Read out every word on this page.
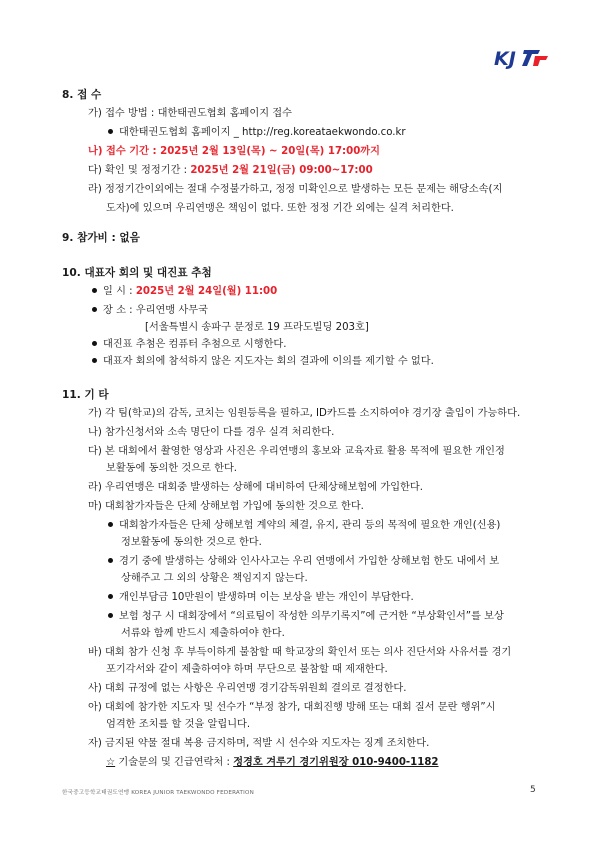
KJ
8. 접 수
가) 접수 방법 : 대한태권도협회 홈페이지 접수
대한태권도협회 홈페이지 _ http://reg.koreataekwondo.co.kr
나) 접수 기간 : 2025년 2월 13일(목) ~ 20일(목) 17:00까지
다) 확인 및 정정기간 : 2025년 2월 21일(금) 09:00~17:00
라) 정정기간이외에는 절대 수정불가하고, 정정 미확인으로 발생하는 모든 문제는 해당소속(지
도자)에 있으며 우리연맹은 책임이 없다. 또한 정정 기간 외에는 실격 처리한다.
9. 참가비 : 없음
10. 대표자 회의 및 대진표 추첨
일 시 : 2025년 2월 24일(월) 11:00
장 소 : 우리연맹 사무국
[서울특별시 송파구 문정로 19 프라도빌딩 203호]
대진표 추첨은 컴퓨터 추첨으로 시행한다.
대표자 회의에 참석하지 않은 지도자는 회의 결과에 이의를 제기할 수 없다.
11. 기 타
가) 각 팀(학교)의 감독, 코치는 임원등록을 필하고, ID카드를 소지하여야 경기장 출입이 가능하다.
나) 참가신청서와 소속 명단이 다를 경우 실격 처리한다.
다) 본 대회에서 촬영한 영상과 사진은 우리연맹의 홍보와 교육자료 활용 목적에 필요한 개인정
보활동에 동의한 것으로 한다.
라) 우리연맹은 대회중 발생하는 상해에 대비하여 단체상해보험에 가입한다.
마) 대회참가자들은 단체 상해보험 가입에 동의한 것으로 한다.
대회참가자들은 단체 상해보험 계약의 체결, 유지, 관리 등의 목적에 필요한 개인(신용)
정보활동에 동의한 것으로 한다.
경기 중에 발생하는 상해와 인사사고는 우리 연맹에서 가입한 상해보험 한도 내에서 보
상해주고 그 외의 상황은 책임지지 않는다.
개인부담금 10만원이 발생하며 이는 보상을 받는 개인이 부담한다.
보험 청구 시 대회장에서 “의료팀이 작성한 의무기록지”에 근거한 “부상확인서”를 보상
서류와 함께 반드시 제출하여야 한다.
바) 대회 참가 신청 후 부득이하게 불참할 때 학교장의 확인서 또는 의사 진단서와 사유서를 경기
포기각서와 같이 제출하여야 하며 무단으로 불참할 때 제재한다.
사) 대회 규정에 없는 사항은 우리연맹 경기감독위원회 결의로 결정한다.
아) 대회에 참가한 지도자 및 선수가 “부정 참가, 대회진행 방해 또는 대회 질서 문란 행위”시
엄격한 조치를 할 것을 알립니다.
자) 금지된 약물 절대 복용 금지하며, 적발 시 선수와 지도자는 징계 조치한다.
☆ 기술문의 및 긴급연락처 : 정경호 겨루기 경기위원장 010-9400-1182
한국중고등학교태권도연맹 KOREA JUNIOR TAEKWONDO FEDERATION	5
